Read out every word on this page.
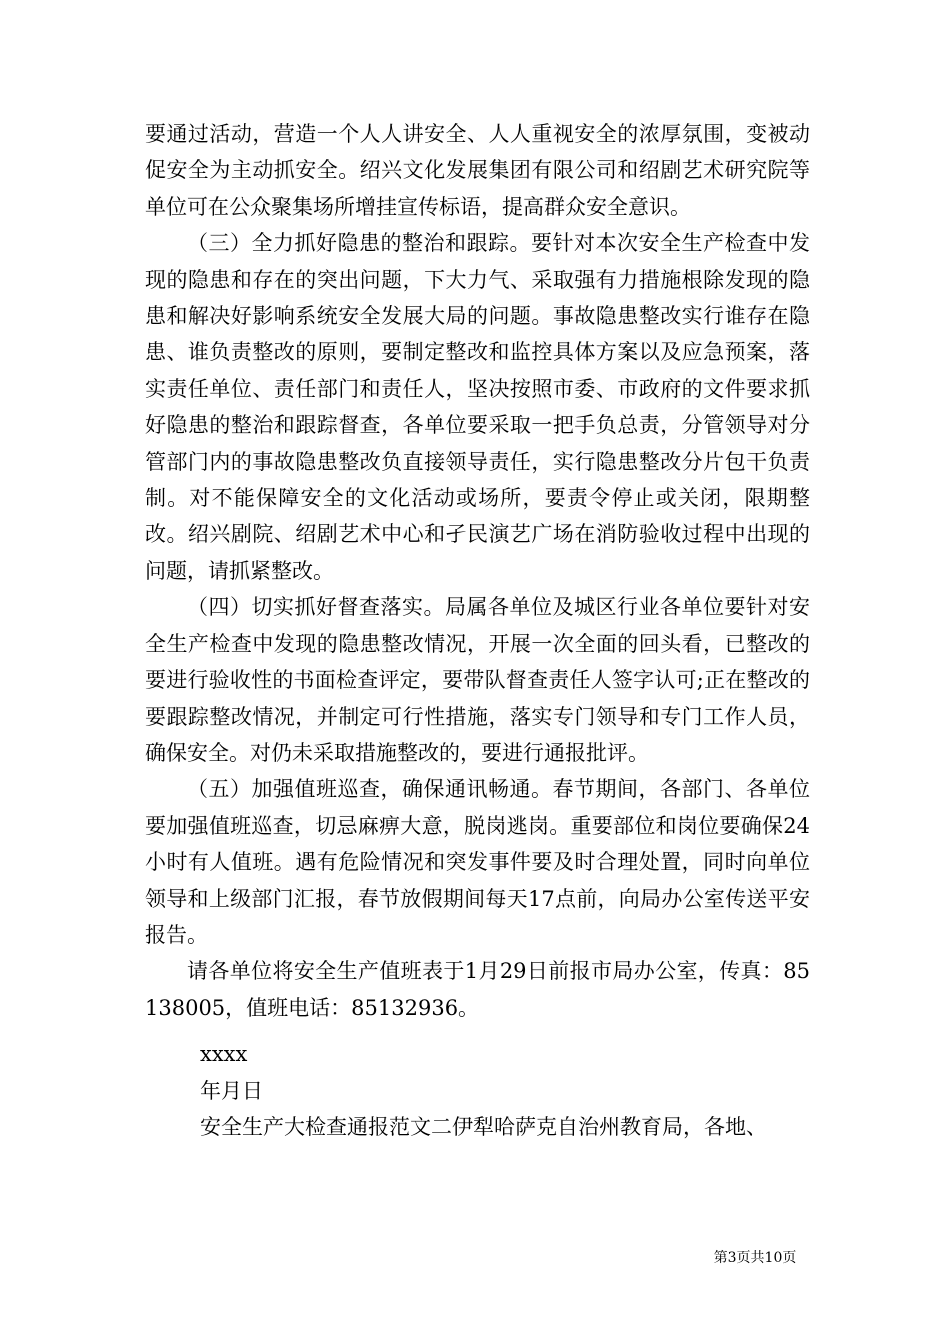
要通过活动，营造一个人人讲安全、人人重视安全的浓厚氛围，变被动促安全为主动抓安全。绍兴文化发展集团有限公司和绍剧艺术研究院等单位可在公众聚集场所增挂宣传标语，提高群众安全意识。

（三）全力抓好隐患的整治和跟踪。要针对本次安全生产检查中发现的隐患和存在的突出问题，下大力气、采取强有力措施根除发现的隐患和解决好影响系统安全发展大局的问题。事故隐患整改实行谁存在隐患、谁负责整改的原则，要制定整改和监控具体方案以及应急预案，落实责任单位、责任部门和责任人，坚决按照市委、市政府的文件要求抓好隐患的整治和跟踪督查，各单位要采取一把手负总责，分管领导对分管部门内的事故隐患整改负直接领导责任，实行隐患整改分片包干负责制。对不能保障安全的文化活动或场所，要责令停止或关闭，限期整改。绍兴剧院、绍剧艺术中心和孑民演艺广场在消防验收过程中出现的问题，请抓紧整改。

（四）切实抓好督查落实。局属各单位及城区行业各单位要针对安全生产检查中发现的隐患整改情况，开展一次全面的回头看，已整改的要进行验收性的书面检查评定，要带队督查责任人签字认可;正在整改的要跟踪整改情况，并制定可行性措施，落实专门领导和专门工作人员，确保安全。对仍未采取措施整改的，要进行通报批评。

（五）加强值班巡查，确保通讯畅通。春节期间，各部门、各单位要加强值班巡查，切忌麻痹大意，脱岗逃岗。重要部位和岗位要确保24小时有人值班。遇有危险情况和突发事件要及时合理处置，同时向单位领导和上级部门汇报，春节放假期间每天17点前，向局办公室传送平安报告。

请各单位将安全生产值班表于1月29日前报市局办公室，传真：85138005，值班电话：85132936。

xxxx

年月日

安全生产大检查通报范文二伊犁哈萨克自治州教育局，各地、

第3页共10页
